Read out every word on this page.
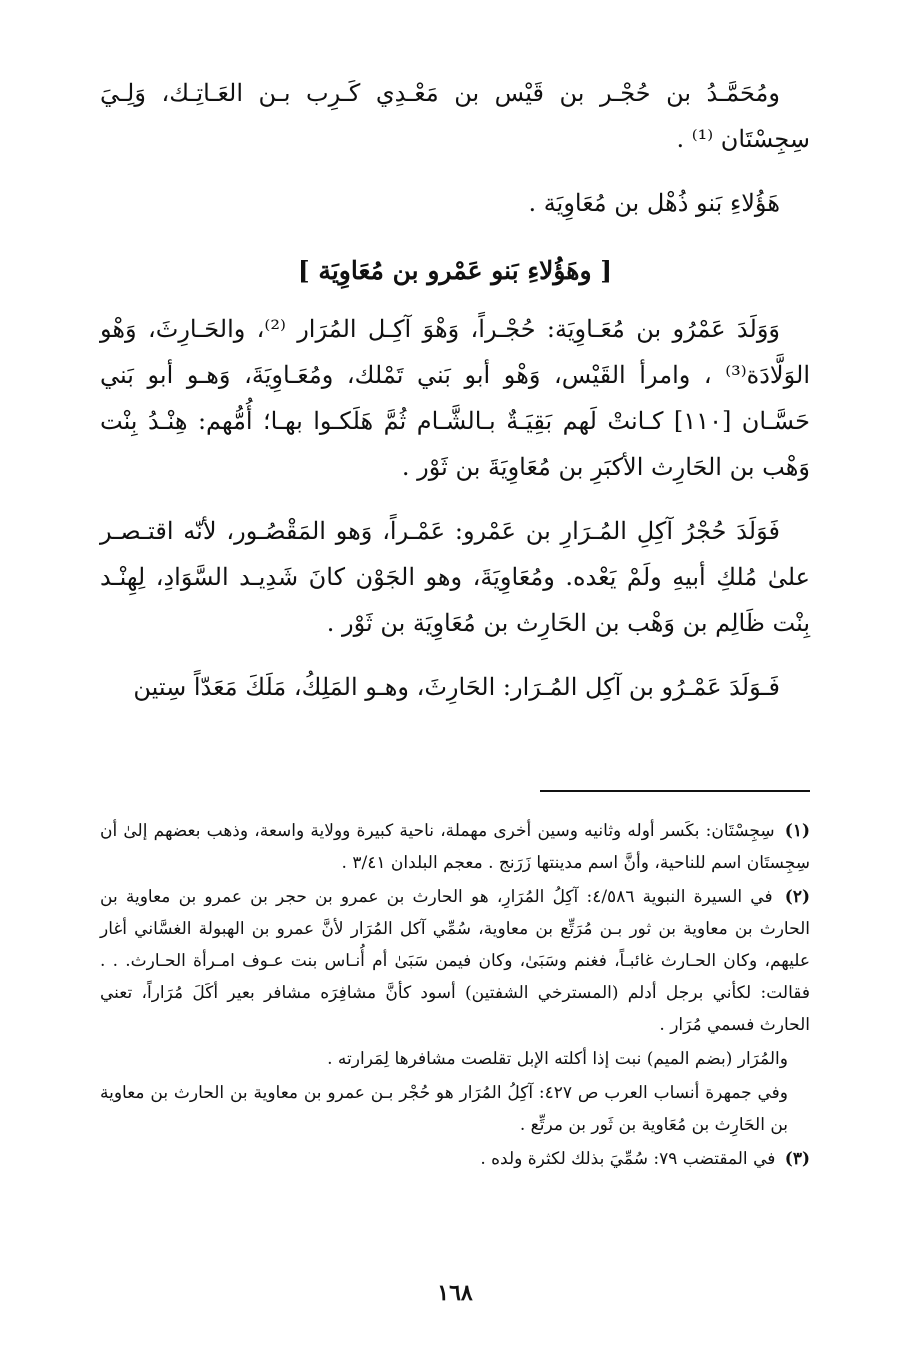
ومُحَمَّـدُ بن حُجْـر بن قَيْس بن مَعْـدِي كَـرِب بـن العَـاتِـك، وَلِـيَ سِجِسْتَان ⁽¹⁾ .

هَؤُلاءِ بَنو ذُهْل بن مُعَاوِيَة .

[ وهَؤُلاءِ بَنو عَمْرو بن مُعَاوِيَة ]

وَوَلَدَ عَمْرُو بن مُعَـاوِيَة: حُجْـراً، وَهْوَ آكِـل المُرَار ⁽²⁾، والحَـارِثَ، وَهْو الوَلَّادَة⁽³⁾ ، وامرأ القَيْس، وَهْو أبو بَني تَمْلك، ومُعَـاوِيَةَ، وَهـو أبو بَني حَسَّـان [١١٠] كـانتْ لَهم بَقِيَـةٌ بـالشَّـام ثُمَّ هَلَكـوا بهـا؛ أُمُّهم: هِنْـدُ بِنْت وَهْب بن الحَارِث الأكبَرِ بن مُعَاوِيَةَ بن ثَوْر .

فَوَلَدَ حُجْرُ آكِلِ المُـرَارِ بن عَمْرو: عَمْـراً، وَهو المَقْصُـور، لأنّه اقتـصـر علىٰ مُلكِ أبيهِ ولَمْ يَعْده. ومُعَاوِيَةَ، وهو الجَوْن كانَ شَدِيـد السَّوَادِ، لِهِنْـد بِنْت ظَالِم بن وَهْب بن الحَارِث بن مُعَاوِيَة بن ثَوْر .

فَـوَلَدَ عَمْـرُو بن آكِل المُـرَار: الحَارِثَ، وهـو المَلِكُ، مَلَكَ مَعَدّاً سِتين

(١) سِجِسْتَان: بكَسر أوله وثانيه وسين أخرى مهملة، ناحية كبيرة وولاية واسعة، وذهب بعضهم إلىٰ أن سِجِستَان اسم للناحية، وأنَّ اسم مدينتها زَرَنج . معجم البلدان ٣/٤١ .

(٢) في السيرة النبوية ٤/٥٨٦: آكِلُ المُرَارِ، هو الحارث بن عمرو بن حجر بن عمرو بن معاوية بن الحارث بن معاوية بن ثور بـن مُرَتِّع بن معاوية، سُمِّي آكل المُرَار لأنَّ عمرو بن الهبولة الغسَّاني أغار عليهم، وكان الحـارث غائبـاً، فغنم وسَبَىٰ، وكان فيمن سَبَىٰ أم أُنـاس بنت عـوف امـرأة الحـارث. . . فقالت: لكأني برجل أدلم (المسترخي الشفتين) أسود كأنَّ مشافِرَه مشافر بعير أكَلَ مُرَاراً، تعني الحارث فسمي مُرَار .

والمُرَار (بضم الميم) نبت إذا أكلته الإبل تقلصت مشافرها لِمَرارته .

وفي جمهرة أنساب العرب ص ٤٢٧: آكِلُ المُرَار هو حُجْر بـن عمرو بن معاوية بن الحارث بن معاوية بن الحَارِث بن مُعَاوية بن ثَور بن مرتِّع .

(٣) في المقتضب ٧٩: سُمِّيَ بذلك لكثرة ولده .

١٦٨
